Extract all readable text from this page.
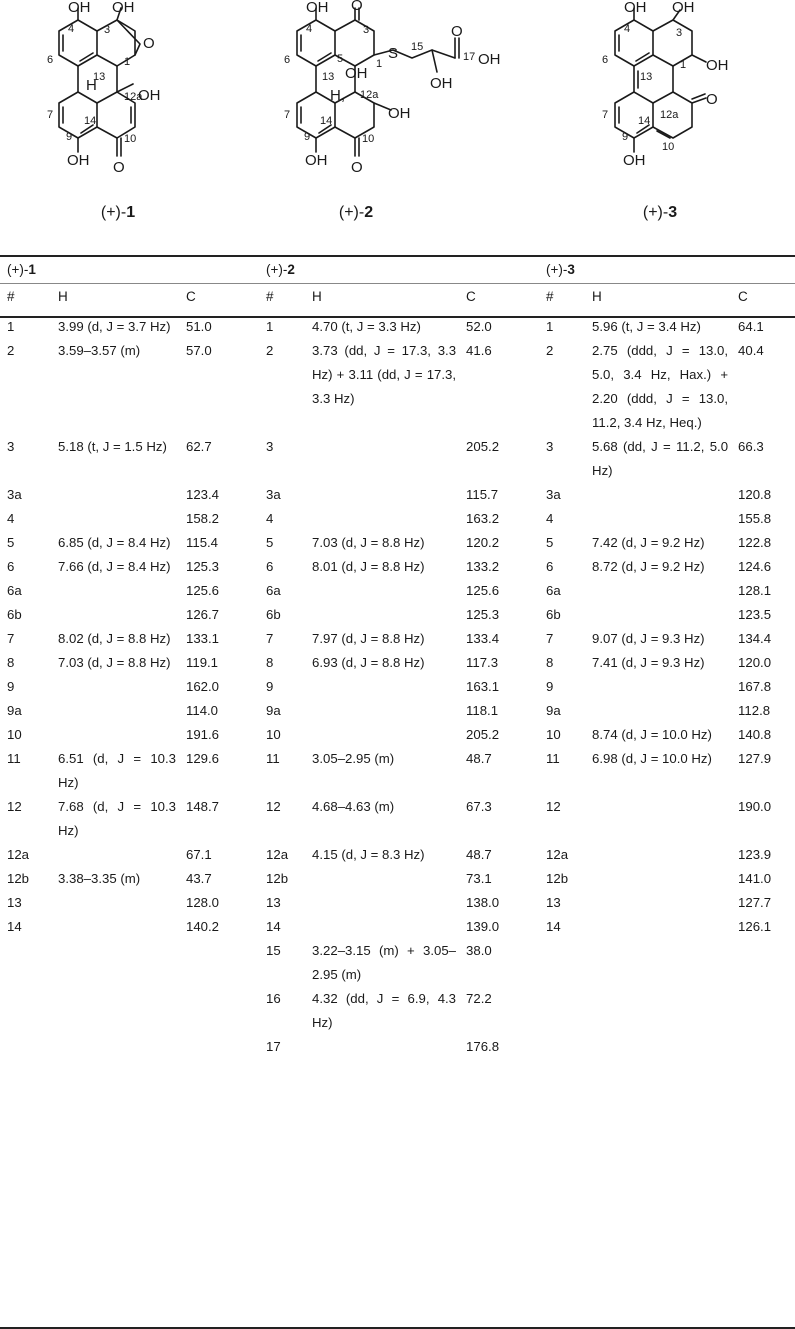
OH OH
OH
OH
O
O
H
4	3
1
6
13
12a
7	14
9	10
OH O
OH
OH
O
OH
OH
O
OH
S
H,
4	3
6
13
1
15
17
7	14
12a
9	10
5
OH OH
OH
O
OH
4	3
6
13
1
7	14 12a
9
10
(+)-1	(+)-2	(+)-3
(+)-1			(+)-2			(+)-3		
#	H	C	#	H	C	#	H	C
1	3.99 (d, J = 3.7 Hz)	51.0	1	4.70 (t, J = 3.3 Hz)	52.0	1	5.96 (t, J = 3.4 Hz)	64.1
2	3.59–3.57 (m)	57.0	2	3.73 (dd, J = 17.3, 3.3 Hz) + 3.11 (dd, J = 17.3, 3.3 Hz)	41.6	2	2.75 (ddd, J = 13.0, 5.0, 3.4 Hz, Hax.) + 2.20 (ddd, J = 13.0, 11.2, 3.4 Hz, Heq.)	40.4
3	5.18 (t, J = 1.5 Hz)	62.7	3		205.2	3	5.68 (dd, J = 11.2, 5.0 Hz)	66.3
3a		123.4	3a		115.7	3a		120.8
4		158.2	4		163.2	4		155.8
5	6.85 (d, J = 8.4 Hz)	115.4	5	7.03 (d, J = 8.8 Hz)	120.2	5	7.42 (d, J = 9.2 Hz)	122.8
6	7.66 (d, J = 8.4 Hz)	125.3	6	8.01 (d, J = 8.8 Hz)	133.2	6	8.72 (d, J = 9.2 Hz)	124.6
6a		125.6	6a		125.6	6a		128.1
6b		126.7	6b		125.3	6b		123.5
7	8.02 (d, J = 8.8 Hz)	133.1	7	7.97 (d, J = 8.8 Hz)	133.4	7	9.07 (d, J = 9.3 Hz)	134.4
8	7.03 (d, J = 8.8 Hz)	119.1	8	6.93 (d, J = 8.8 Hz)	117.3	8	7.41 (d, J = 9.3 Hz)	120.0
9		162.0	9		163.1	9		167.8
9a		114.0	9a		118.1	9a		112.8
10		191.6	10		205.2	10	8.74 (d, J = 10.0 Hz)	140.8
11	6.51 (d, J = 10.3 Hz)	129.6	11	3.05–2.95 (m)	48.7	11	6.98 (d, J = 10.0 Hz)	127.9
12	7.68 (d, J = 10.3 Hz)	148.7	12	4.68–4.63 (m)	67.3	12		190.0
12a		67.1	12a	4.15 (d, J = 8.3 Hz)	48.7	12a		123.9
12b	3.38–3.35 (m)	43.7	12b		73.1	12b		141.0
13		128.0	13		138.0	13		127.7
14		140.2	14		139.0	14		126.1
			15	3.22–3.15 (m) + 3.05–2.95 (m)	38.0			
			16	4.32 (dd, J = 6.9, 4.3 Hz)	72.2			
			17		176.8			
